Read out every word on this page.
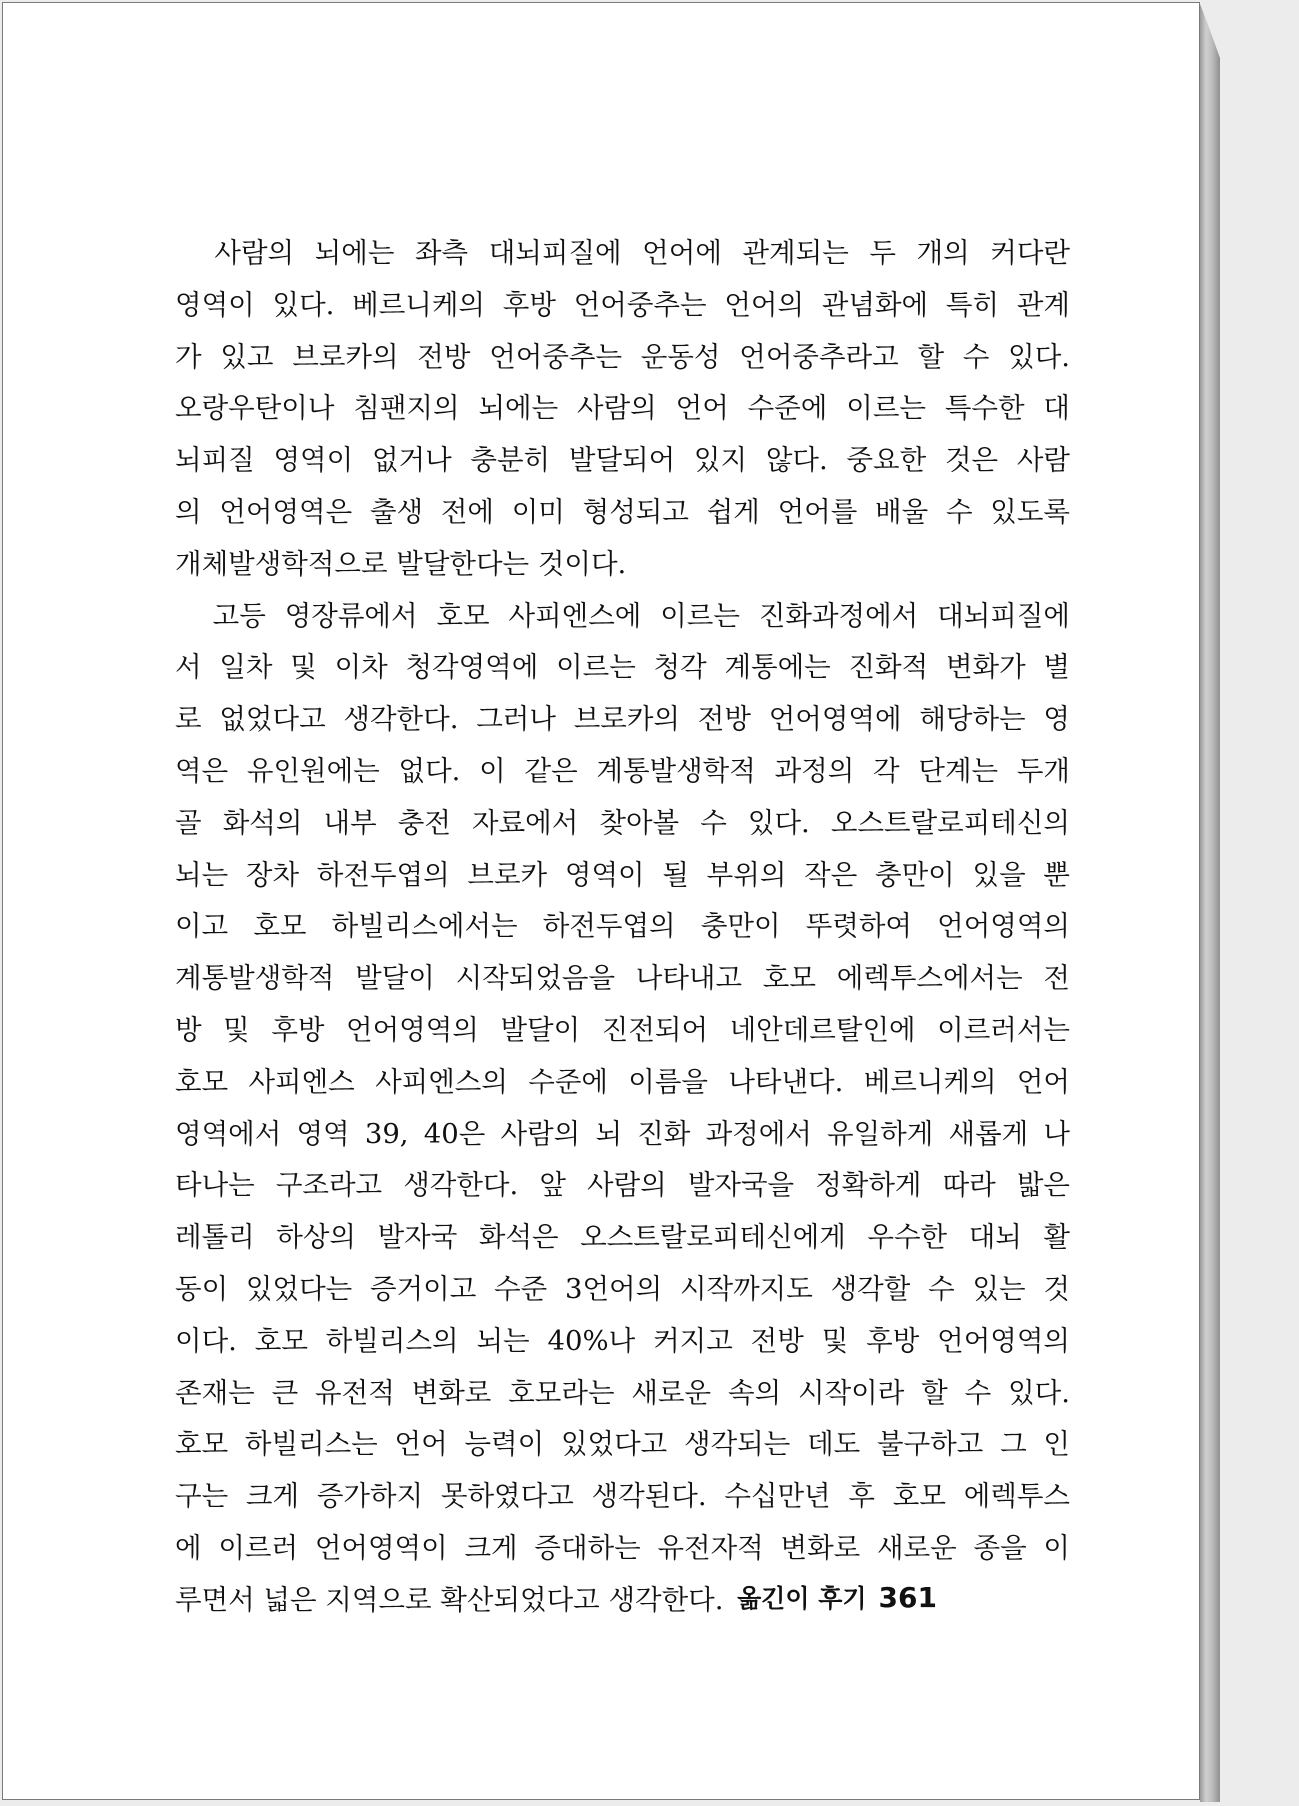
　사람의 뇌에는 좌측 대뇌피질에 언어에 관계되는 두 개의 커다란
영역이 있다. 베르니케의 후방 언어중추는 언어의 관념화에 특히 관계
가 있고 브로카의 전방 언어중추는 운동성 언어중추라고 할 수 있다.
오랑우탄이나 침팬지의 뇌에는 사람의 언어 수준에 이르는 특수한 대
뇌피질 영역이 없거나 충분히 발달되어 있지 않다. 중요한 것은 사람
의 언어영역은 출생 전에 이미 형성되고 쉽게 언어를 배울 수 있도록
개체발생학적으로 발달한다는 것이다.
　고등 영장류에서 호모 사피엔스에 이르는 진화과정에서 대뇌피질에
서 일차 및 이차 청각영역에 이르는 청각 계통에는 진화적 변화가 별
로 없었다고 생각한다. 그러나 브로카의 전방 언어영역에 해당하는 영
역은 유인원에는 없다. 이 같은 계통발생학적 과정의 각 단계는 두개
골 화석의 내부 충전 자료에서 찾아볼 수 있다. 오스트랄로피테신의
뇌는 장차 하전두엽의 브로카 영역이 될 부위의 작은 충만이 있을 뿐
이고 호모 하빌리스에서는 하전두엽의 충만이 뚜렷하여 언어영역의
계통발생학적 발달이 시작되었음을 나타내고 호모 에렉투스에서는 전
방 및 후방 언어영역의 발달이 진전되어 네안데르탈인에 이르러서는
호모 사피엔스 사피엔스의 수준에 이름을 나타낸다. 베르니케의 언어
영역에서 영역 39, 40은 사람의 뇌 진화 과정에서 유일하게 새롭게 나
타나는 구조라고 생각한다. 앞 사람의 발자국을 정확하게 따라 밟은
레톨리 하상의 발자국 화석은 오스트랄로피테신에게 우수한 대뇌 활
동이 있었다는 증거이고 수준 3언어의 시작까지도 생각할 수 있는 것
이다. 호모 하빌리스의 뇌는 40%나 커지고 전방 및 후방 언어영역의
존재는 큰 유전적 변화로 호모라는 새로운 속의 시작이라 할 수 있다.
호모 하빌리스는 언어 능력이 있었다고 생각되는 데도 불구하고 그 인
구는 크게 증가하지 못하였다고 생각된다. 수십만년 후 호모 에렉투스
에 이르러 언어영역이 크게 증대하는 유전자적 변화로 새로운 종을 이
루면서 넓은 지역으로 확산되었다고 생각한다. 옮긴이 후기 361
